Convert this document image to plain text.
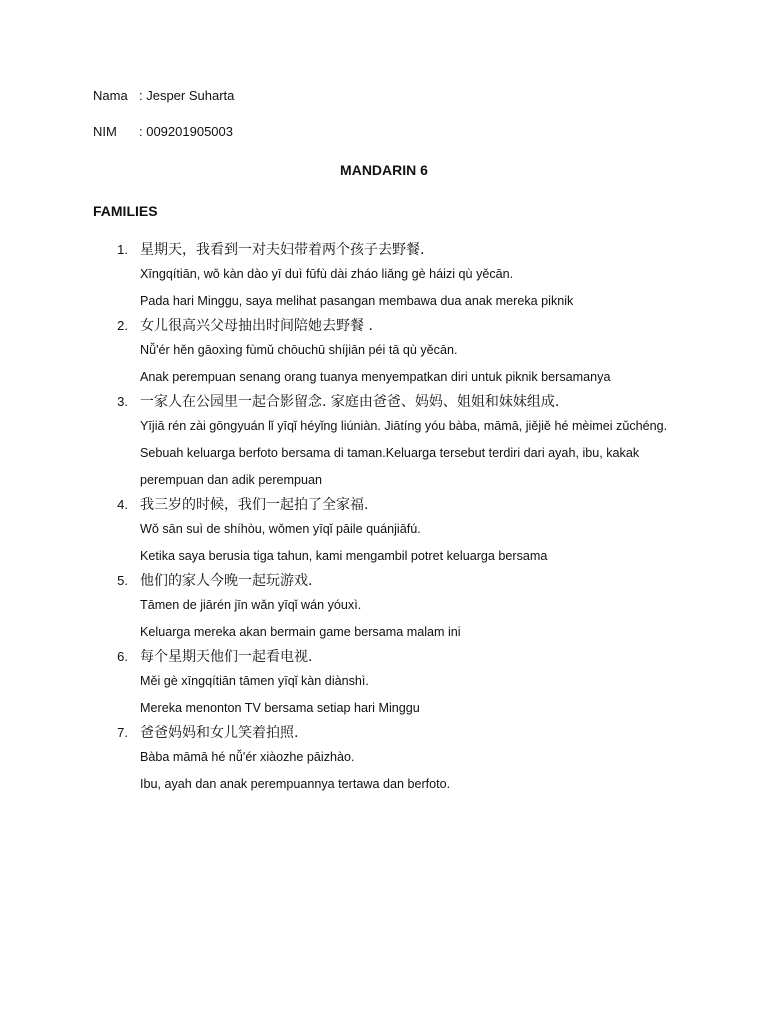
Nama : Jesper Suharta
NIM : 009201905003
MANDARIN 6
FAMILIES
1. 星期天，我看到一对夫妇带着两个孩子去野餐.
Xīngqítiān, wǒ kàn dào yī duì fūfù dài zháo liǎng gè háizi qù yěcān.
Pada hari Minggu, saya melihat pasangan membawa dua anak mereka piknik
2. 女儿很高兴父母抽出时间陪她去野餐 .
Nǚ'ér hěn gāoxìng fùmǔ chōuchū shíjiān péi tā qù yěcān.
Anak perempuan senang orang tuanya menyempatkan diri untuk piknik bersamanya
3. 一家人在公园里一起合影留念. 家庭由爸爸、妈妈、姐姐和妹妹组成.
Yījiā rén zài gōngyuán lǐ yīqǐ héyǐng liúniàn. Jiātíng yóu bàba, māmā, jiějiě hé mèimei zǔchéng.
Sebuah keluarga berfoto bersama di taman.Keluarga tersebut terdiri dari ayah, ibu, kakak perempuan dan adik perempuan
4. 我三岁的时候，我们一起拍了全家福.
Wǒ sān suì de shíhòu, wǒmen yīqǐ pāile quánjiāfú.
Ketika saya berusia tiga tahun, kami mengambil potret keluarga bersama
5. 他们的家人今晚一起玩游戏.
Tāmen de jiārén jīn wǎn yīqǐ wán yóuxì.
Keluarga mereka akan bermain game bersama malam ini
6. 每个星期天他们一起看电视.
Měi gè xīngqítiān tāmen yīqǐ kàn diànshì.
Mereka menonton TV bersama setiap hari Minggu
7. 爸爸妈妈和女儿笑着拍照.
Bàba māmā hé nǚ'ér xiàozhe pāizhào.
Ibu, ayah dan anak perempuannya tertawa dan berfoto.
